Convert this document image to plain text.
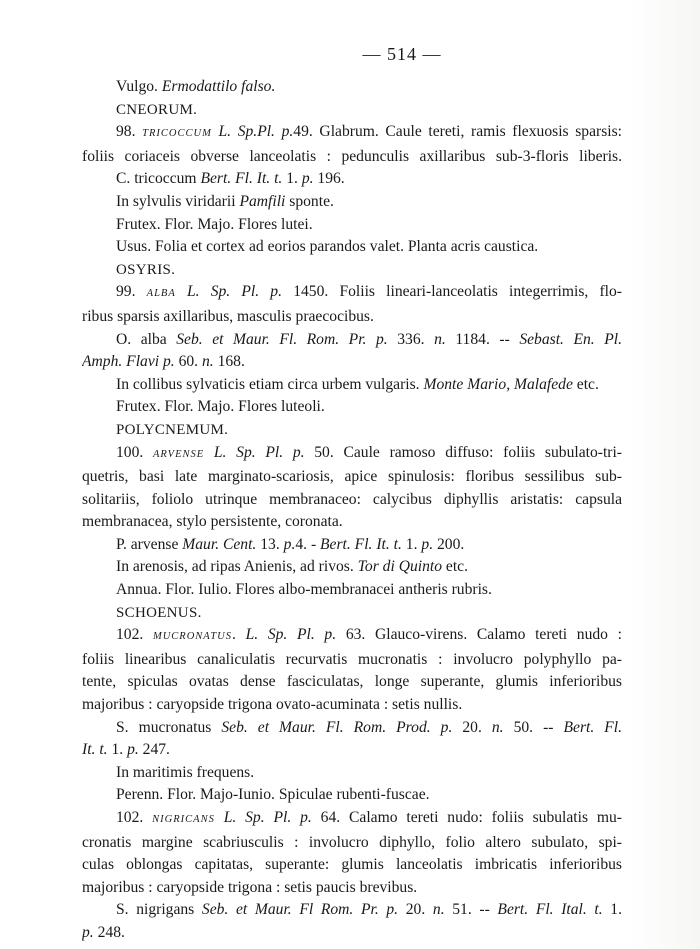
— 514 —
Vulgo. Ermodattilo falso.
CNEORUM.
98. TRICOCCUM L. Sp.Pl. p.49. Glabrum. Caule tereti, ramis flexuosis sparsis:
foliis coriaceis obverse lanceolatis : pedunculis axillaribus sub-3-floris liberis.
C. tricoccum Bert. Fl. It. t. 1. p. 196.
In sylvulis viridarii Pamfili sponte.
Frutex. Flor. Majo. Flores lutei.
Usus. Folia et cortex ad eorios parandos valet. Planta acris caustica.
OSYRIS.
99. ALBA L. Sp. Pl. p. 1450. Foliis lineari-lanceolatis integerrimis, flo-
ribus sparsis axillaribus, masculis praecocibus.
O. alba Seb. et Maur. Fl. Rom. Pr. p. 336. n. 1184. -- Sebast. En. Pl.
Amph. Flavi p. 60. n. 168.
In collibus sylvaticis etiam circa urbem vulgaris. Monte Mario, Malafede etc.
Frutex. Flor. Majo. Flores luteoli.
POLYCNEMUM.
100. ARVENSE L. Sp. Pl. p. 50. Caule ramoso diffuso: foliis subulato-tri-
quetris, basi late marginato-scariosis, apice spinulosis: floribus sessilibus sub-
solitariis, foliolo utrinque membranaceo: calycibus diphyllis aristatis: capsula
membranacea, stylo persistente, coronata.
P. arvense Maur. Cent. 13. p.4. - Bert. Fl. It. t. 1. p. 200.
In arenosis, ad ripas Anienis, ad rivos. Tor di Quinto etc.
Annua. Flor. Iulio. Flores albo-membranacei antheris rubris.
SCHOENUS.
102. MUCRONATUS. L. Sp. Pl. p. 63. Glauco-virens. Calamo tereti nudo :
foliis linearibus canaliculatis recurvatis mucronatis : involucro polyphyllo pa-
tente, spiculas ovatas dense fasciculatas, longe superante, glumis inferioribus
majoribus : caryopside trigona ovato-acuminata : setis nullis.
S. mucronatus Seb. et Maur. Fl. Rom. Prod. p. 20. n. 50. -- Bert. Fl.
It. t. 1. p. 247.
In maritimis frequens.
Perenn. Flor. Majo-Iunio. Spiculae rubenti-fuscae.
102. NIGRICANS L. Sp. Pl. p. 64. Calamo tereti nudo: foliis subulatis mu-
cronatis margine scabriusculis : involucro diphyllo, folio altero subulato, spi-
culas oblongas capitatas, superante: glumis lanceolatis imbricatis inferioribus
majoribus : caryopside trigona : setis paucis brevibus.
S. nigrigans Seb. et Maur. Fl Rom. Pr. p. 20. n. 51. -- Bert. Fl. Ital. t. 1.
p. 248.
